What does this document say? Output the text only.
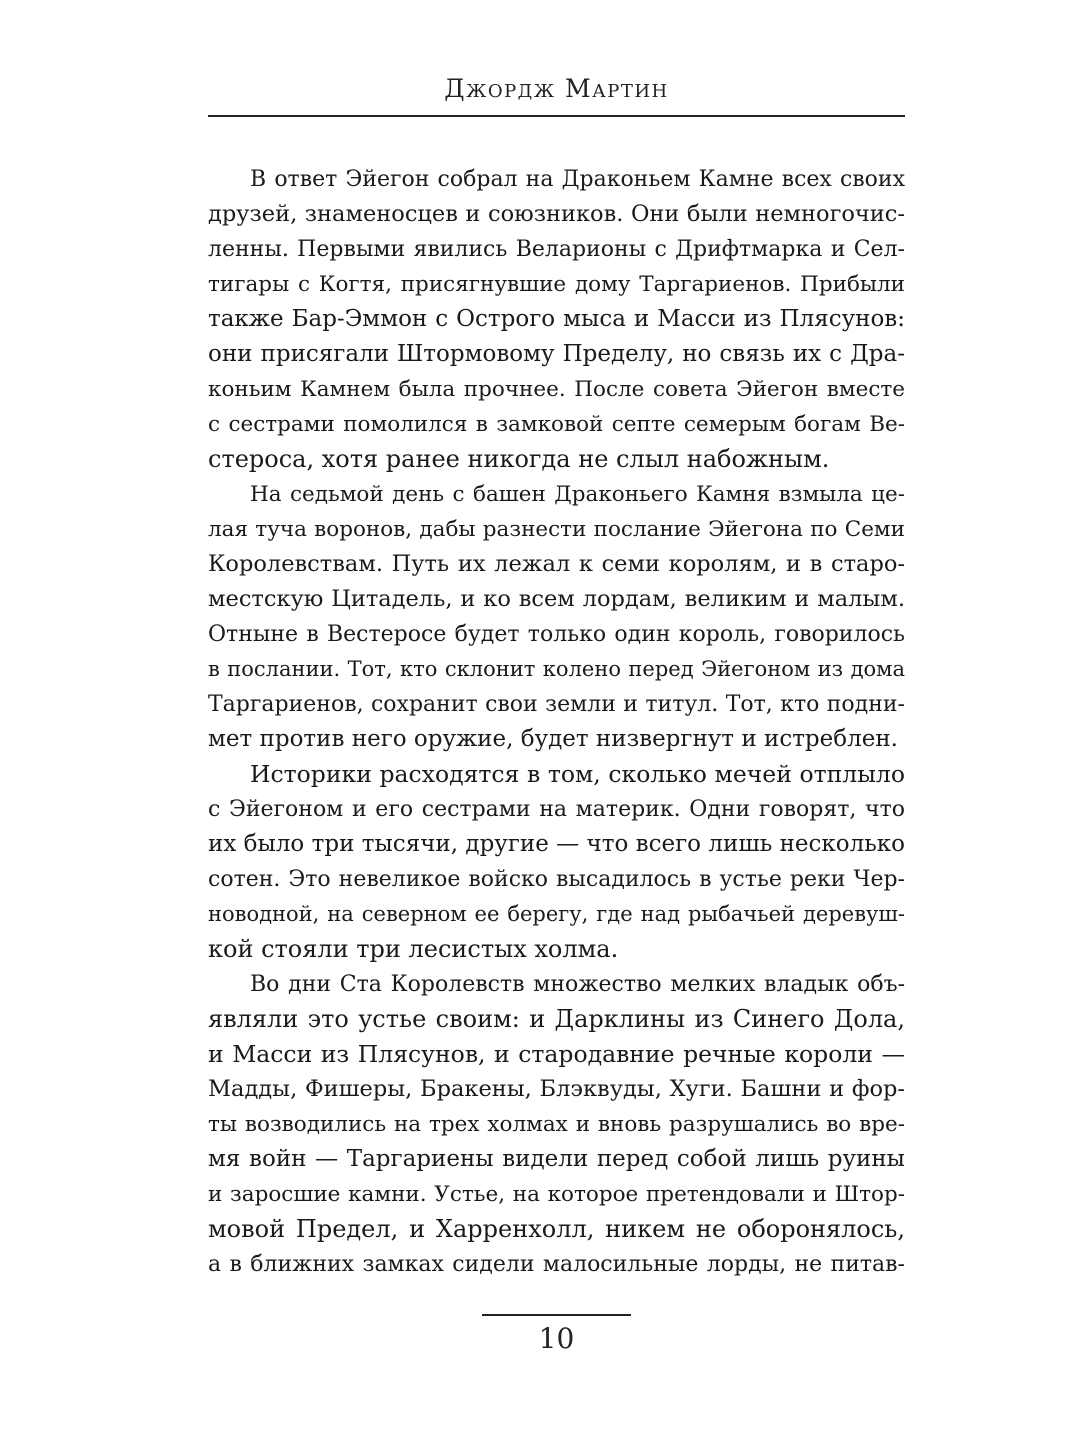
Джордж Мартин
В ответ Эйегон собрал на Драконьем Камне всех своих
друзей, знаменосцев и союзников. Они были немногочис-
ленны. Первыми явились Веларионы с Дрифтмарка и Сел-
тигары с Когтя, присягнувшие дому Таргариенов. Прибыли
также Бар-Эммон с Острого мыса и Масси из Плясунов:
они присягали Штормовому Пределу, но связь их с Дра-
коньим Камнем была прочнее. После совета Эйегон вместе
с сестрами помолился в замковой септе семерым богам Ве-
стероса, хотя ранее никогда не слыл набожным.
На седьмой день с башен Драконьего Камня взмыла це-
лая туча воронов, дабы разнести послание Эйегона по Семи
Королевствам. Путь их лежал к семи королям, и в старо-
местскую Цитадель, и ко всем лордам, великим и малым.
Отныне в Вестеросе будет только один король, говорилось
в послании. Тот, кто склонит колено перед Эйегоном из дома
Таргариенов, сохранит свои земли и титул. Тот, кто подни-
мет против него оружие, будет низвергнут и истреблен.
Историки расходятся в том, сколько мечей отплыло
с Эйегоном и его сестрами на материк. Одни говорят, что
их было три тысячи, другие — что всего лишь несколько
сотен. Это невеликое войско высадилось в устье реки Чер-
новодной, на северном ее берегу, где над рыбачьей деревуш-
кой стояли три лесистых холма.
Во дни Ста Королевств множество мелких владык объ-
являли это устье своим: и Дарклины из Синего Дола,
и Масси из Плясунов, и стародавние речные короли —
Мадды, Фишеры, Бракены, Блэквуды, Хуги. Башни и фор-
ты возводились на трех холмах и вновь разрушались во вре-
мя войн — Таргариены видели перед собой лишь руины
и заросшие камни. Устье, на которое претендовали и Штор-
мовой Предел, и Харренхолл, никем не оборонялось,
а в ближних замках сидели малосильные лорды, не питав-
10
